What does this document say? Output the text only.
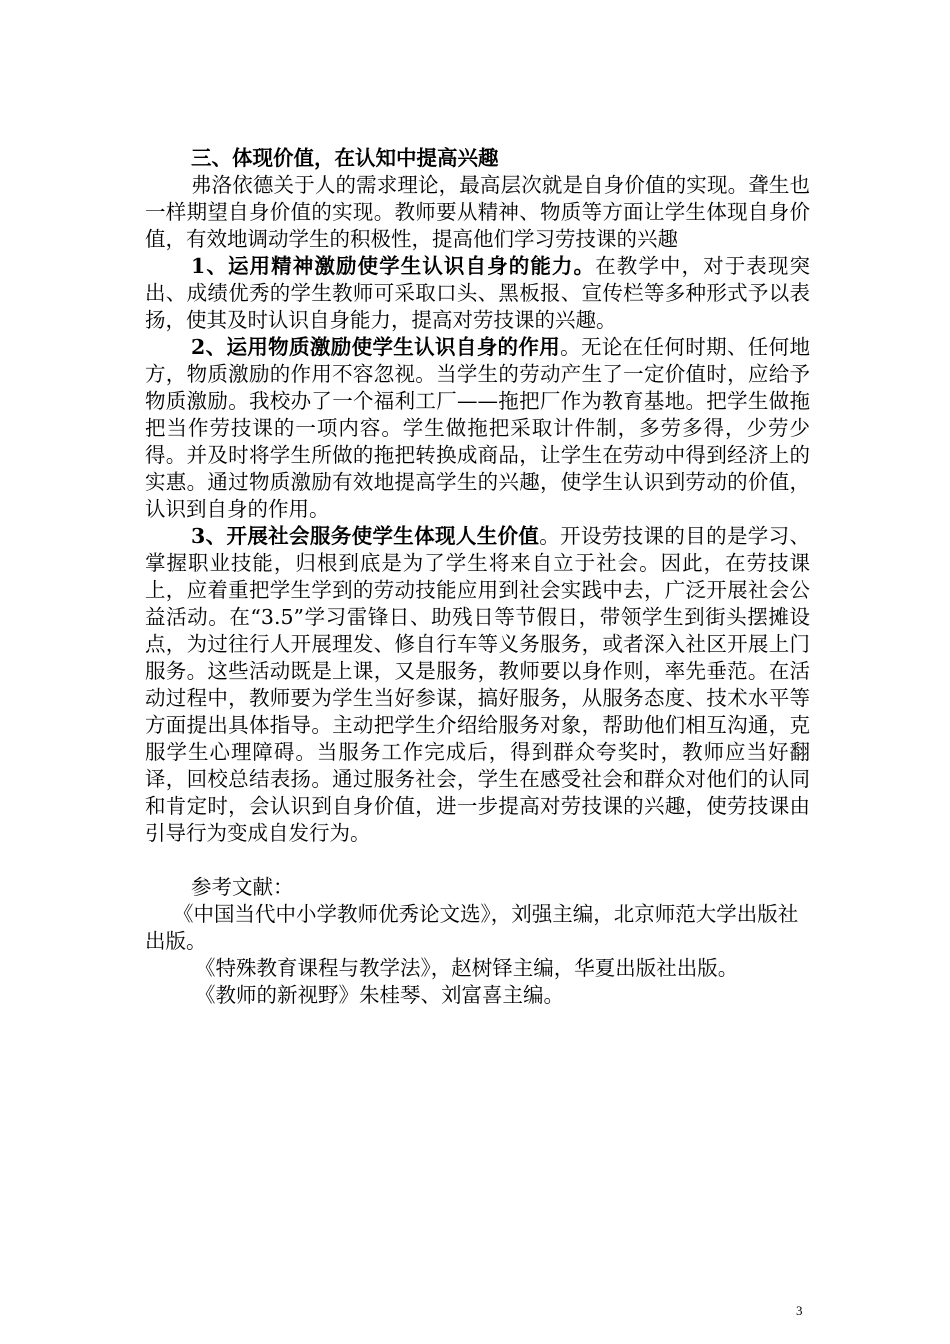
三、体现价值，在认知中提高兴趣

弗洛依德关于人的需求理论，最高层次就是自身价值的实现。聋生也一样期望自身价值的实现。教师要从精神、物质等方面让学生体现自身价值，有效地调动学生的积极性，提高他们学习劳技课的兴趣

1、运用精神激励使学生认识自身的能力。在教学中，对于表现突出、成绩优秀的学生教师可采取口头、黑板报、宣传栏等多种形式予以表扬，使其及时认识自身能力，提高对劳技课的兴趣。

2、运用物质激励使学生认识自身的作用。无论在任何时期、任何地方，物质激励的作用不容忽视。当学生的劳动产生了一定价值时，应给予物质激励。我校办了一个福利工厂——拖把厂作为教育基地。把学生做拖把当作劳技课的一项内容。学生做拖把采取计件制，多劳多得，少劳少得。并及时将学生所做的拖把转换成商品，让学生在劳动中得到经济上的实惠。通过物质激励有效地提高学生的兴趣，使学生认识到劳动的价值，认识到自身的作用。

3、开展社会服务使学生体现人生价值。开设劳技课的目的是学习、掌握职业技能，归根到底是为了学生将来自立于社会。因此，在劳技课上，应着重把学生学到的劳动技能应用到社会实践中去，广泛开展社会公益活动。在“3.5”学习雷锋日、助残日等节假日，带领学生到街头摆摊设点，为过往行人开展理发、修自行车等义务服务，或者深入社区开展上门服务。这些活动既是上课，又是服务，教师要以身作则，率先垂范。在活动过程中，教师要为学生当好参谋，搞好服务，从服务态度、技术水平等方面提出具体指导。主动把学生介绍给服务对象，帮助他们相互沟通，克服学生心理障碍。当服务工作完成后，得到群众夸奖时，教师应当好翻译，回校总结表扬。通过服务社会，学生在感受社会和群众对他们的认同和肯定时，会认识到自身价值，进一步提高对劳技课的兴趣，使劳技课由引导行为变成自发行为。

参考文献：

《中国当代中小学教师优秀论文选》，刘强主编，北京师范大学出版社出版。

《特殊教育课程与教学法》，赵树铎主编，华夏出版社出版。

《教师的新视野》朱桂琴、刘富喜主编。

3
